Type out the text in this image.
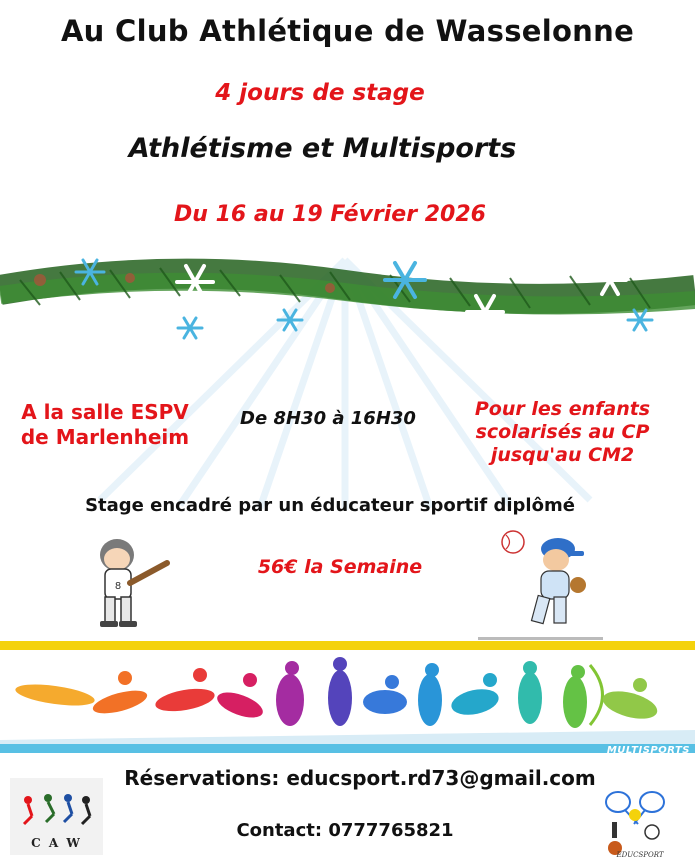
Au Club Athlétique de Wasselonne
4 jours de stage
Athlétisme et Multisports
Du 16 au 19 Février 2026
A la salle ESPV
de Marlenheim
De 8H30 à 16H30	Pour les enfants
scolarisés au CP
jusqu'au CM2
Stage encadré par un éducateur sportif diplômé
8
56€ la Semaine
MULTISPORTS
Réservations: educsport.rd73@gmail.com
Contact: 0777765821
C A W
EDUCSPORT
